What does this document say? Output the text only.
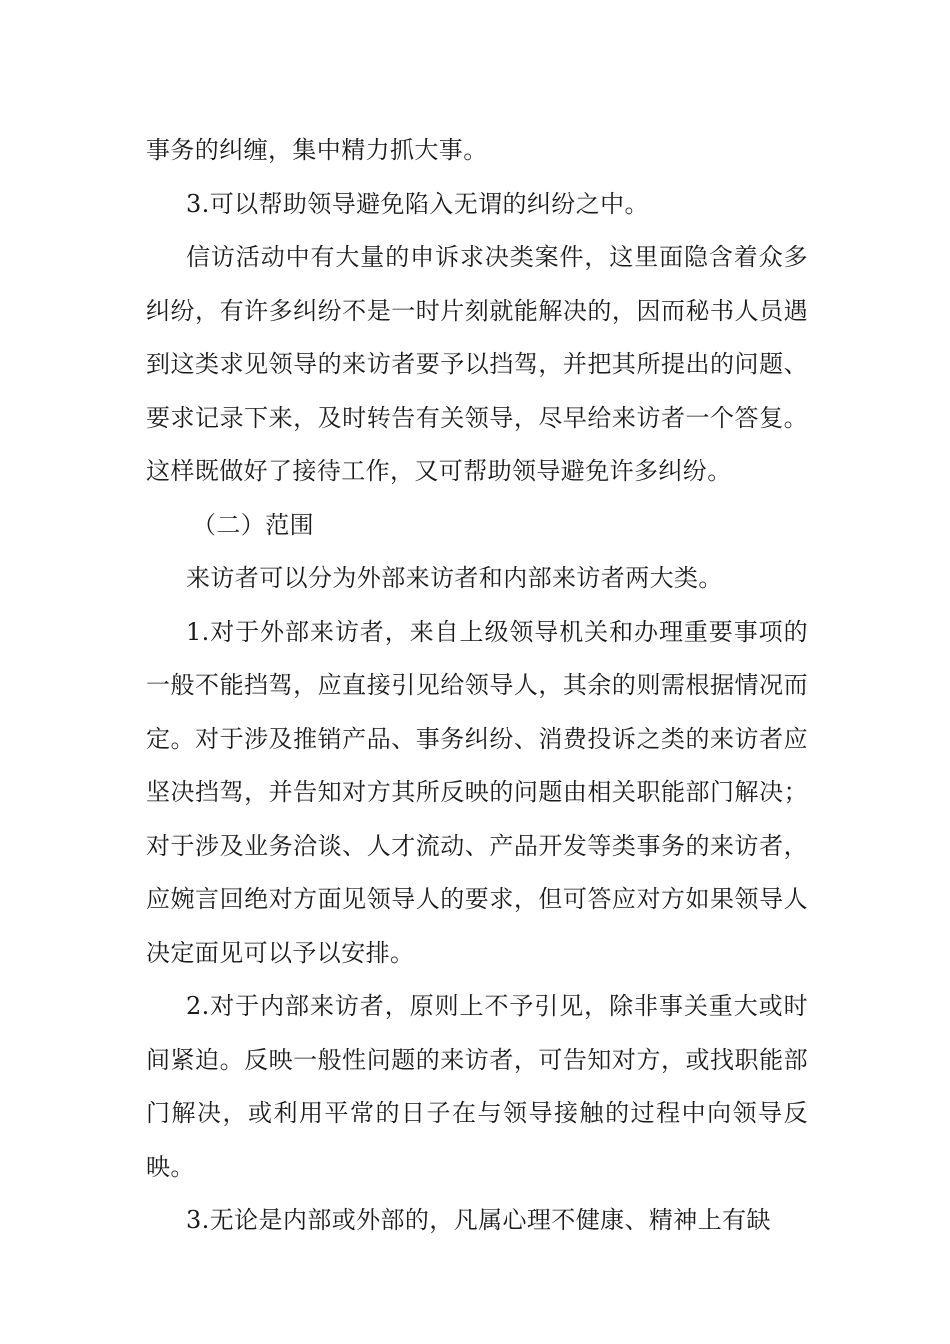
事务的纠缠，集中精力抓大事。

3.可以帮助领导避免陷入无谓的纠纷之中。

信访活动中有大量的申诉求决类案件，这里面隐含着众多纠纷，有许多纠纷不是一时片刻就能解决的，因而秘书人员遇到这类求见领导的来访者要予以挡驾，并把其所提出的问题、要求记录下来，及时转告有关领导，尽早给来访者一个答复。这样既做好了接待工作，又可帮助领导避免许多纠纷。

（二）范围

来访者可以分为外部来访者和内部来访者两大类。

1.对于外部来访者，来自上级领导机关和办理重要事项的一般不能挡驾，应直接引见给领导人，其余的则需根据情况而定。对于涉及推销产品、事务纠纷、消费投诉之类的来访者应坚决挡驾，并告知对方其所反映的问题由相关职能部门解决；对于涉及业务洽谈、人才流动、产品开发等类事务的来访者，应婉言回绝对方面见领导人的要求，但可答应对方如果领导人决定面见可以予以安排。

2.对于内部来访者，原则上不予引见，除非事关重大或时间紧迫。反映一般性问题的来访者，可告知对方，或找职能部门解决，或利用平常的日子在与领导接触的过程中向领导反映。

3.无论是内部或外部的，凡属心理不健康、精神上有缺
